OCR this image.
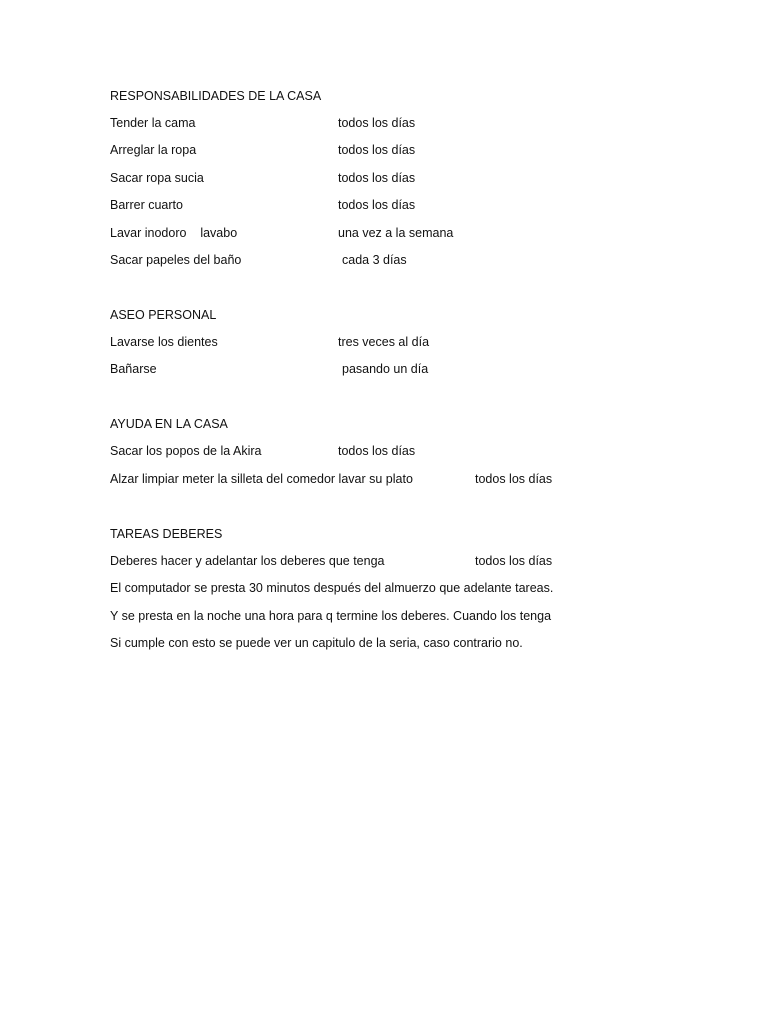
RESPONSABILIDADES DE LA CASA
Tender la cama	todos los días
Arreglar la ropa	todos los días
Sacar ropa sucia	todos los días
Barrer cuarto	todos los días
Lavar inodoro    lavabo	una vez a la semana
Sacar papeles del baño	cada 3 días
ASEO PERSONAL
Lavarse los dientes	tres veces al día
Bañarse	pasando un día
AYUDA EN LA CASA
Sacar los popos de la Akira	todos los días
Alzar limpiar meter la silleta del comedor lavar su plato	todos los días
TAREAS DEBERES
Deberes hacer y adelantar los deberes que tenga	todos los días
El computador se presta 30 minutos después del almuerzo que adelante tareas.
Y se presta en la noche una hora para q termine los deberes. Cuando los tenga
Si cumple con esto se puede ver un capitulo de la seria, caso contrario no.
